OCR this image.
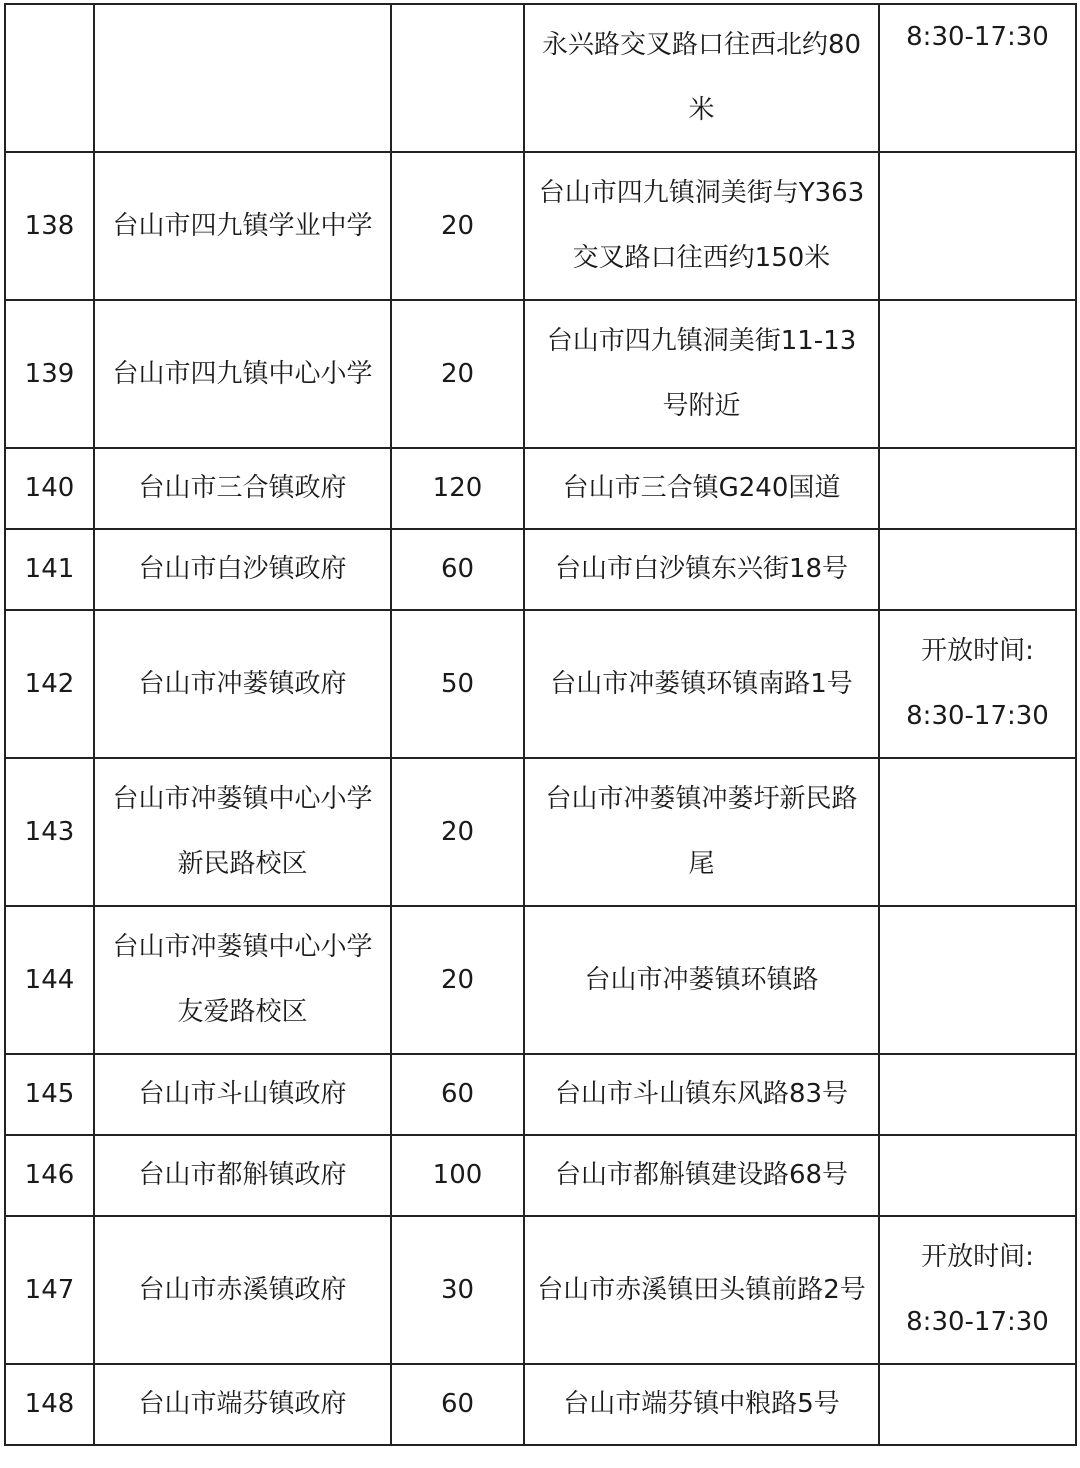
			永兴路交叉路口往西北约80米	8:30-17:30

138	台山市四九镇学业中学	20	台山市四九镇洞美街与Y363交叉路口往西约150米	

139	台山市四九镇中心小学	20	台山市四九镇洞美街11-13号附近	

140	台山市三合镇政府	120	台山市三合镇G240国道	

141	台山市白沙镇政府	60	台山市白沙镇东兴街18号	

142	台山市冲蒌镇政府	50	台山市冲蒌镇环镇南路1号	开放时间:
8:30-17:30

143	台山市冲蒌镇中心小学新民路校区	20	台山市冲蒌镇冲蒌圩新民路尾	

144	台山市冲蒌镇中心小学友爱路校区	20	台山市冲蒌镇环镇路	

145	台山市斗山镇政府	60	台山市斗山镇东风路83号	

146	台山市都斛镇政府	100	台山市都斛镇建设路68号	

147	台山市赤溪镇政府	30	台山市赤溪镇田头镇前路2号	开放时间:
8:30-17:30

148	台山市端芬镇政府	60	台山市端芬镇中粮路5号	
